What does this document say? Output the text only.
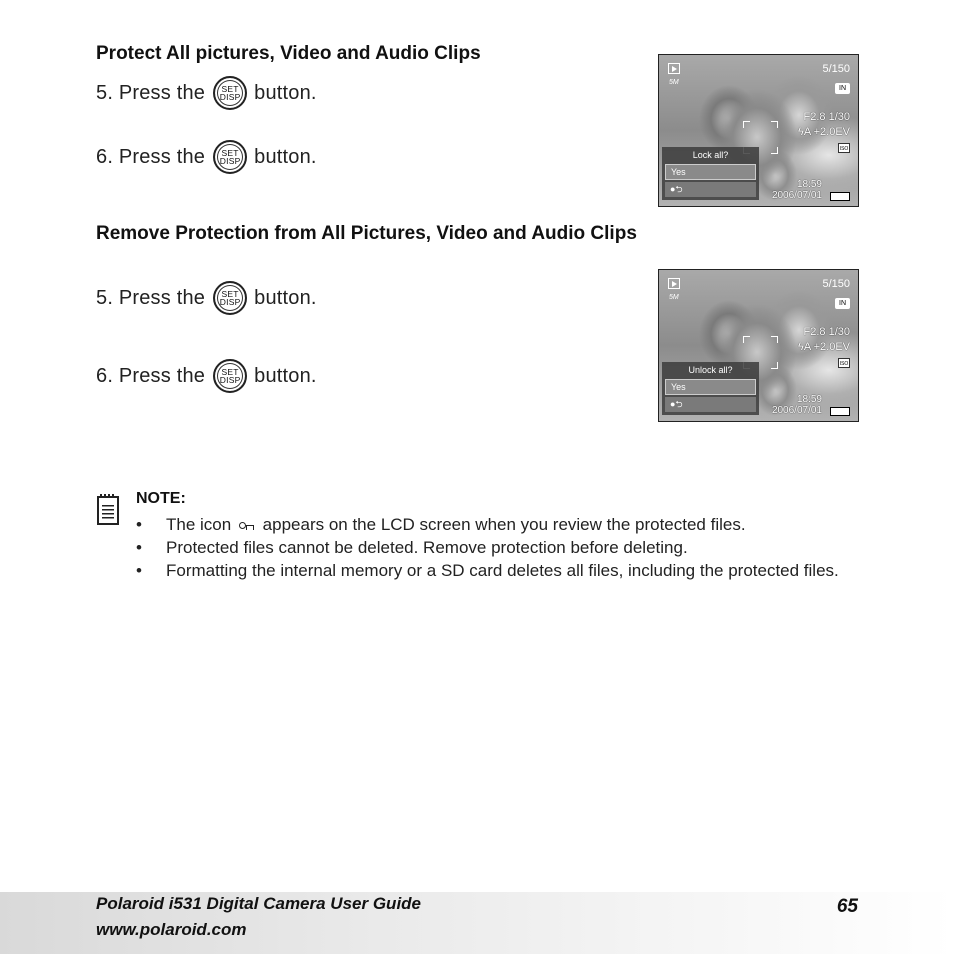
Protect All pictures, Video and Audio Clips
5. Press the SET
DISP button.
6. Press the SET
DISP button.
5M
5/150
IN
F2.8 1/30
ϟA +2.0EV
ISO
Lock all?
Yes
●⮌	18:59
2006/07/01
Remove Protection from All Pictures, Video and Audio Clips
5. Press the SET
DISP button.
6. Press the SET
DISP button.
5M
5/150
IN
F2.8 1/30
ϟA +2.0EV
ISO
Unlock all?
Yes
●⮌	18:59
2006/07/01
NOTE:
•	The icon appears on the LCD screen when you review the protected files.
•	Protected files cannot be deleted. Remove protection before deleting.
•	Formatting the internal memory or a SD card deletes all files, including the protected files.
Polaroid i531 Digital Camera User Guide
www.polaroid.com
65
